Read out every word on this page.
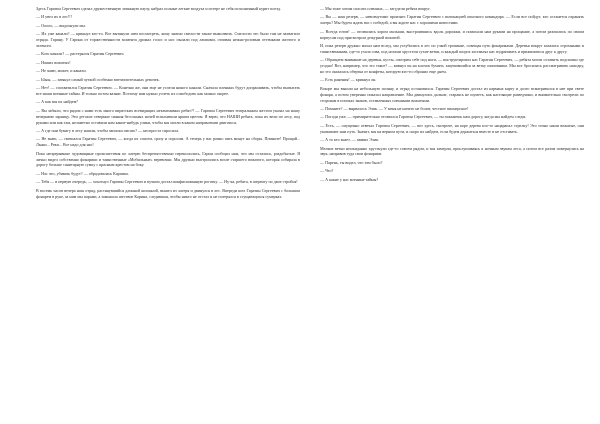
Здесь Гаратин Сергеевич сделал дружественную затяжную паузу, набрал полные легкие воздуха и истерт не себя исполненный курит поезд.

— И увел их в лес!!!

— Ооооо, — выдохнули мы.

— Их уже канали? — крикнул кто-то. Все вытянули шеи посмотреть, кому знатно смелости также вымолвить. Смелости это было там не захватило отряда. Гарину. У Гарина от торжественности момента дрожал голос и нос пылали под лампами, отливая нежно-розовым оттенками желтого и зеленого.

— Кого канали? — растерялся Гаратин Сергеевич.

— Наших вожатых!

— Не знаю, может, и канали.

— Ыыы, — затянул самый чуткой особенно впечатлительных девочек.

— Нет! — спохватился Гаратин Сергеевич. — Конечно же, они еще не успели никого канали. Сначала пленных будут допрашивать, чтобы выпытать все наши военные тайны. И только потом казнят. Поэтому нам нужно успеть их освободить как можно скорее.

— А как мы их найдем?

— Вы забыли, что рядом с нами есть много пиратских всевидящих незаменимых ребят?! — Гаратин Сергеевич театральным жестом указал на нашу вечернюю зарницу. Эти детские северные сияния бессонных ночей вспыхивали ярким цветом. Я верю, что НАШИ ребята, пока их вели по лесу, под руками или как там, незаметно оставили нам какие-нибудь улики, чтобы мы могли в каком направлении двигаться.

— А где они бумагу в лесу нашли, чтобы записки писать? — неспроста спросила.

— Не знаю, — смешался Гаратин Сергеевич, — когда их спасем, сразу и спросим. А теперь у вас ровно пять минут на сборы. Помните! Прощай... Лыжи... Реки... Все надо для нас!

Пока непрерывные чудовищные происшествия по лагерю беспрепятственно переносились, Гарин сообщил нам, что мы остались, раздобытые. Я лично видел собственно фонарики и таинственные «Мобильные» веревочки. Мы дружно выстроились возле старшего вожатого, которая собирала в дорогу больше санитарную сумку с красным крестом на боку.

— Нас что, убивать будут? — обрадовалась Карпика.

— Тебя — в первую очередь, — хохотнул Гаратин Сергеевич и пучком достал конфискованную рогатку. — Ну-ка, ребята, в шеренгу по двое стройся!

В восемь часов вечера наш отряд, растянувшийся длинной колонной, вышел из лагеря и двинулся в лес. Впереди шел Гаратин Сергеевич с большим фонарем в руке, за ним мы парами, а замыкала шествие Карина, следившая, чтобы никто не отстал и не потерялся в сгущающихся сумерках.

— Мы тоже хотим спасать пленных, — загудели ребята вокруг.

— Вы — наш резерв, — невозмутимо произнес Гаратин Сергеевич с интонацией опытного командира. — Если все пойдут, кто останется охранять лагерь? Мы будем ждать вас с победой, а вы ждите нас с хорошими новостями.

— Всегда готов! — отозвались хором малыши, выстроившись вдоль дорожки, и помахали нам руками на прощание, а потом разошлись по своим корпусам под присмотром дежурной вожатой.

И, пока резерв дружно махал нам вслед, мы углубились в лес по узкой тропинке, освещая путь фонариками. Деревья вокруг казались огромными и таинственными, где-то ухала сова, под ногами хрустели сухие ветки, и каждый шорох заставлял нас вздрагивать и прижиматься друг к другу.

— Обращаем внимание на деревья, кусты, смотрим себе под ноги, — инструктировал нас Гаратин Сергеевич, — ребята могли оставить подсказки где угодно! Вот, например, что это такое? — кивнул он на клочок бумаги, зацепившийся за ветку шиповника. Мы все бросились рассматривать находку, но это оказалась обертка от конфеты, которую кто-то обронил еще днем.

— Есть ранения! — крикнул он.

Вскоре мы вышли на небольшую поляну, и отряд остановился. Гаратин Сергеевич достал из кармана карту и долго всматривался в нее при свете фонаря, а потом уверенно показал направление. Мы двинулись дальше, стараясь не шуметь, как настоящие разведчики, и внимательно смотрели по сторонам в поисках знаков, оставленных пленными вожатыми.

— Помните? — вырвалось Элик. — У меня не ничего не болит, честное пионерское!

— Погоди уже, — примирительно отозвался Гаратин Сергеевич, — ты покажешь нам дорогу, когда мы найдем следы.

— Есть, — смущенно отвечал Гаратин Сергеевич, — вот здесь, смотрите, на коре дерева кто-то нацарапал стрелку! Это точно наши вожатые, они указывают нам путь. Значит, мы на верном пути, и скоро их найдем, если будем держаться вместе и не отставать.

— А то кто знает, — заявил Элик.

Мелкие ветки неожиданно хрустнули где-то совсем рядом, и мы замерли, прислушиваясь к ночным звукам леса, а потом все разом повернулись на звук, направив туда свои фонарики.

— Парень, ты видел, что там было?

— Что?

— А какие у нас военные тайны?
